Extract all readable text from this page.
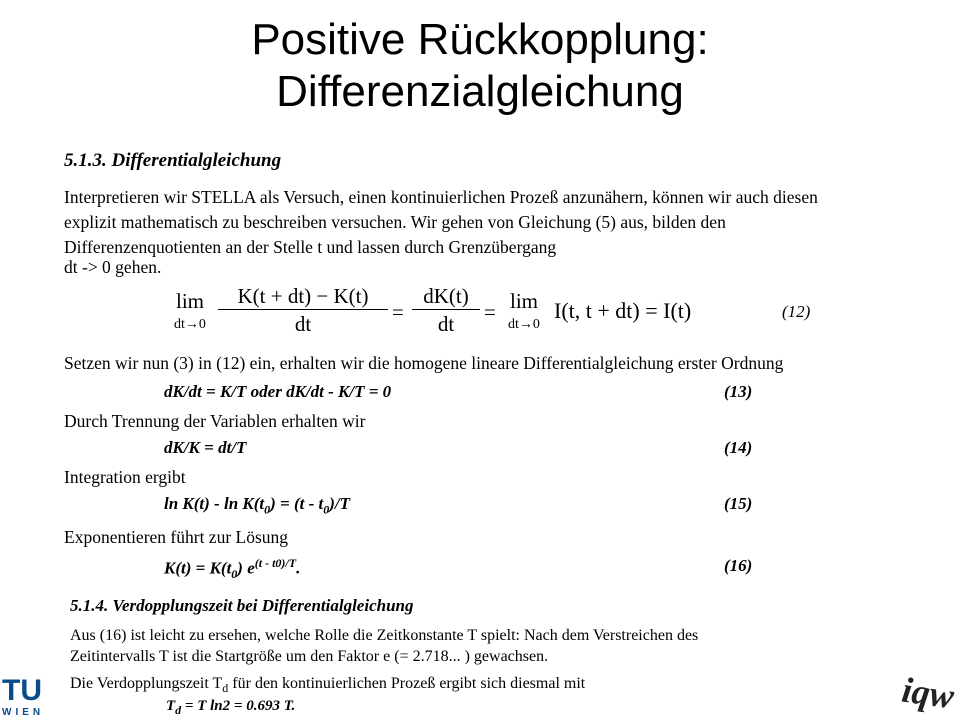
Positive Rückkopplung:
Differenzialgleichung
5.1.3. Differentialgleichung
Interpretieren wir STELLA als Versuch, einen kontinuierlichen Prozeß anzunähern, können wir auch diesen
explizit mathematisch zu beschreiben versuchen. Wir gehen von Gleichung (5) aus, bilden den
Differenzenquotienten an der Stelle t und lassen durch Grenzübergang
dt -> 0 gehen.
lim
$dt\to 0 \frac{K(t + dt) - K(t)}{dt} = \frac{dK(t)}{dt} = \lim$
dt→0
I(t, t + dt) = I(t)	(12)
Setzen wir nun (3) in (12) ein, erhalten wir die homogene lineare Differentialgleichung erster Ordnung
dK/dt = K/T oder dK/dt - K/T = 0	(13)
Durch Trennung der Variablen erhalten wir
dK/K = dt/T	(14)
Integration ergibt
$\ln K(t) - \ln K(t_0) = (t - t_0)/T$	(15)
Exponentieren führt zur Lösung
$K(t) = K(t_0)$ $e^{(t - t0)/T}$.	(16)
5.1.4. Verdopplungszeit bei Differentialgleichung
Aus (16) ist leicht zu ersehen, welche Rolle die Zeitkonstante T spielt: Nach dem Verstreichen des
Zeitintervalls T ist die Startgröße um den Faktor e (= 2.718... ) gewachsen.
Die Verdopplungszeit $T_d$ für den kontinuierlichen Prozeß ergibt sich diesmal mit
$T_d = T$ ln2 = 0.693 T.
TU
WIEN	iqw
